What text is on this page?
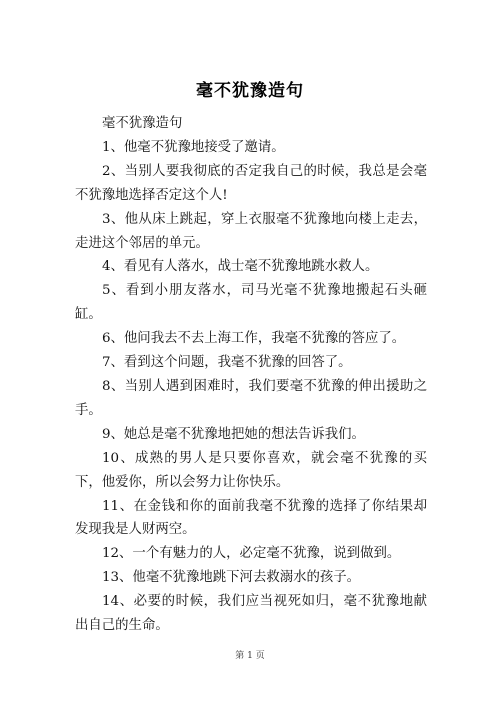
毫不犹豫造句

毫不犹豫造句

1、他毫不犹豫地接受了邀请。

2、当别人要我彻底的否定我自己的时候，我总是会毫不犹豫地选择否定这个人!

3、他从床上跳起，穿上衣服毫不犹豫地向楼上走去，走进这个邻居的单元。

4、看见有人落水，战士毫不犹豫地跳水救人。

5、看到小朋友落水，司马光毫不犹豫地搬起石头砸缸。

6、他问我去不去上海工作，我毫不犹豫的答应了。

7、看到这个问题，我毫不犹豫的回答了。

8、当别人遇到困难时，我们要毫不犹豫的伸出援助之手。

9、她总是毫不犹豫地把她的想法告诉我们。

10、成熟的男人是只要你喜欢，就会毫不犹豫的买下，他爱你，所以会努力让你快乐。

11、在金钱和你的面前我毫不犹豫的选择了你结果却发现我是人财两空。

12、一个有魅力的人，必定毫不犹豫，说到做到。

13、他毫不犹豫地跳下河去救溺水的孩子。

14、必要的时候，我们应当视死如归，毫不犹豫地献出自己的生命。

第 1 页
